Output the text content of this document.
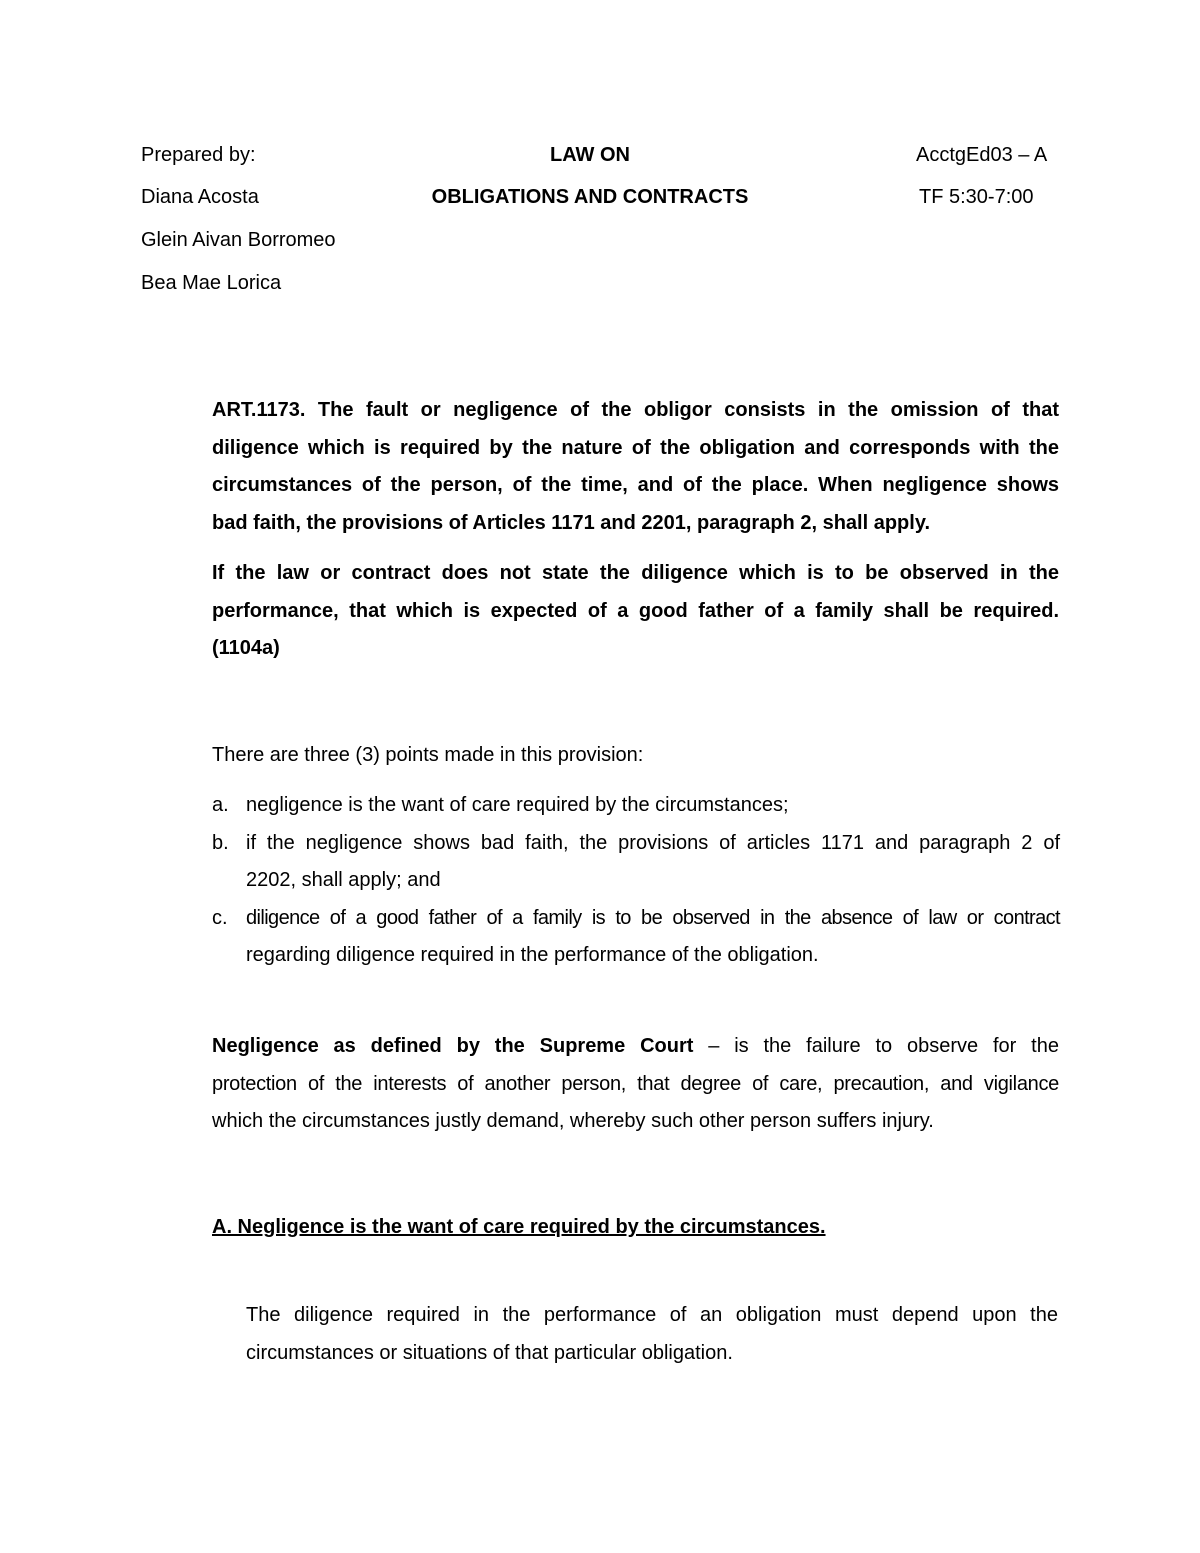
Prepared by:
Diana Acosta
Glein Aivan Borromeo
Bea Mae Lorica
LAW ON
OBLIGATIONS AND CONTRACTS
AcctgEd03 – A
TF 5:30-7:00
ART.1173. The fault or negligence of the obligor consists in the omission of that
diligence which is required by the nature of the obligation and corresponds with the
circumstances of the person, of the time, and of the place. When negligence shows
bad faith, the provisions of Articles 1171 and 2201, paragraph 2, shall apply.
If the law or contract does not state the diligence which is to be observed in the
performance, that which is expected of a good father of a family shall be required.
(1104a)
There are three (3) points made in this provision:
a. negligence is the want of care required by the circumstances;
b. if the negligence shows bad faith, the provisions of articles 1171 and paragraph 2 of
2202, shall apply; and
c. diligence of a good father of a family is to be observed in the absence of law or contract
regarding diligence required in the performance of the obligation.
Negligence as defined by the Supreme Court – is the failure to observe for the
protection of the interests of another person, that degree of care, precaution, and vigilance
which the circumstances justly demand, whereby such other person suffers injury.
A. Negligence is the want of care required by the circumstances.
The diligence required in the performance of an obligation must depend upon the
circumstances or situations of that particular obligation.
